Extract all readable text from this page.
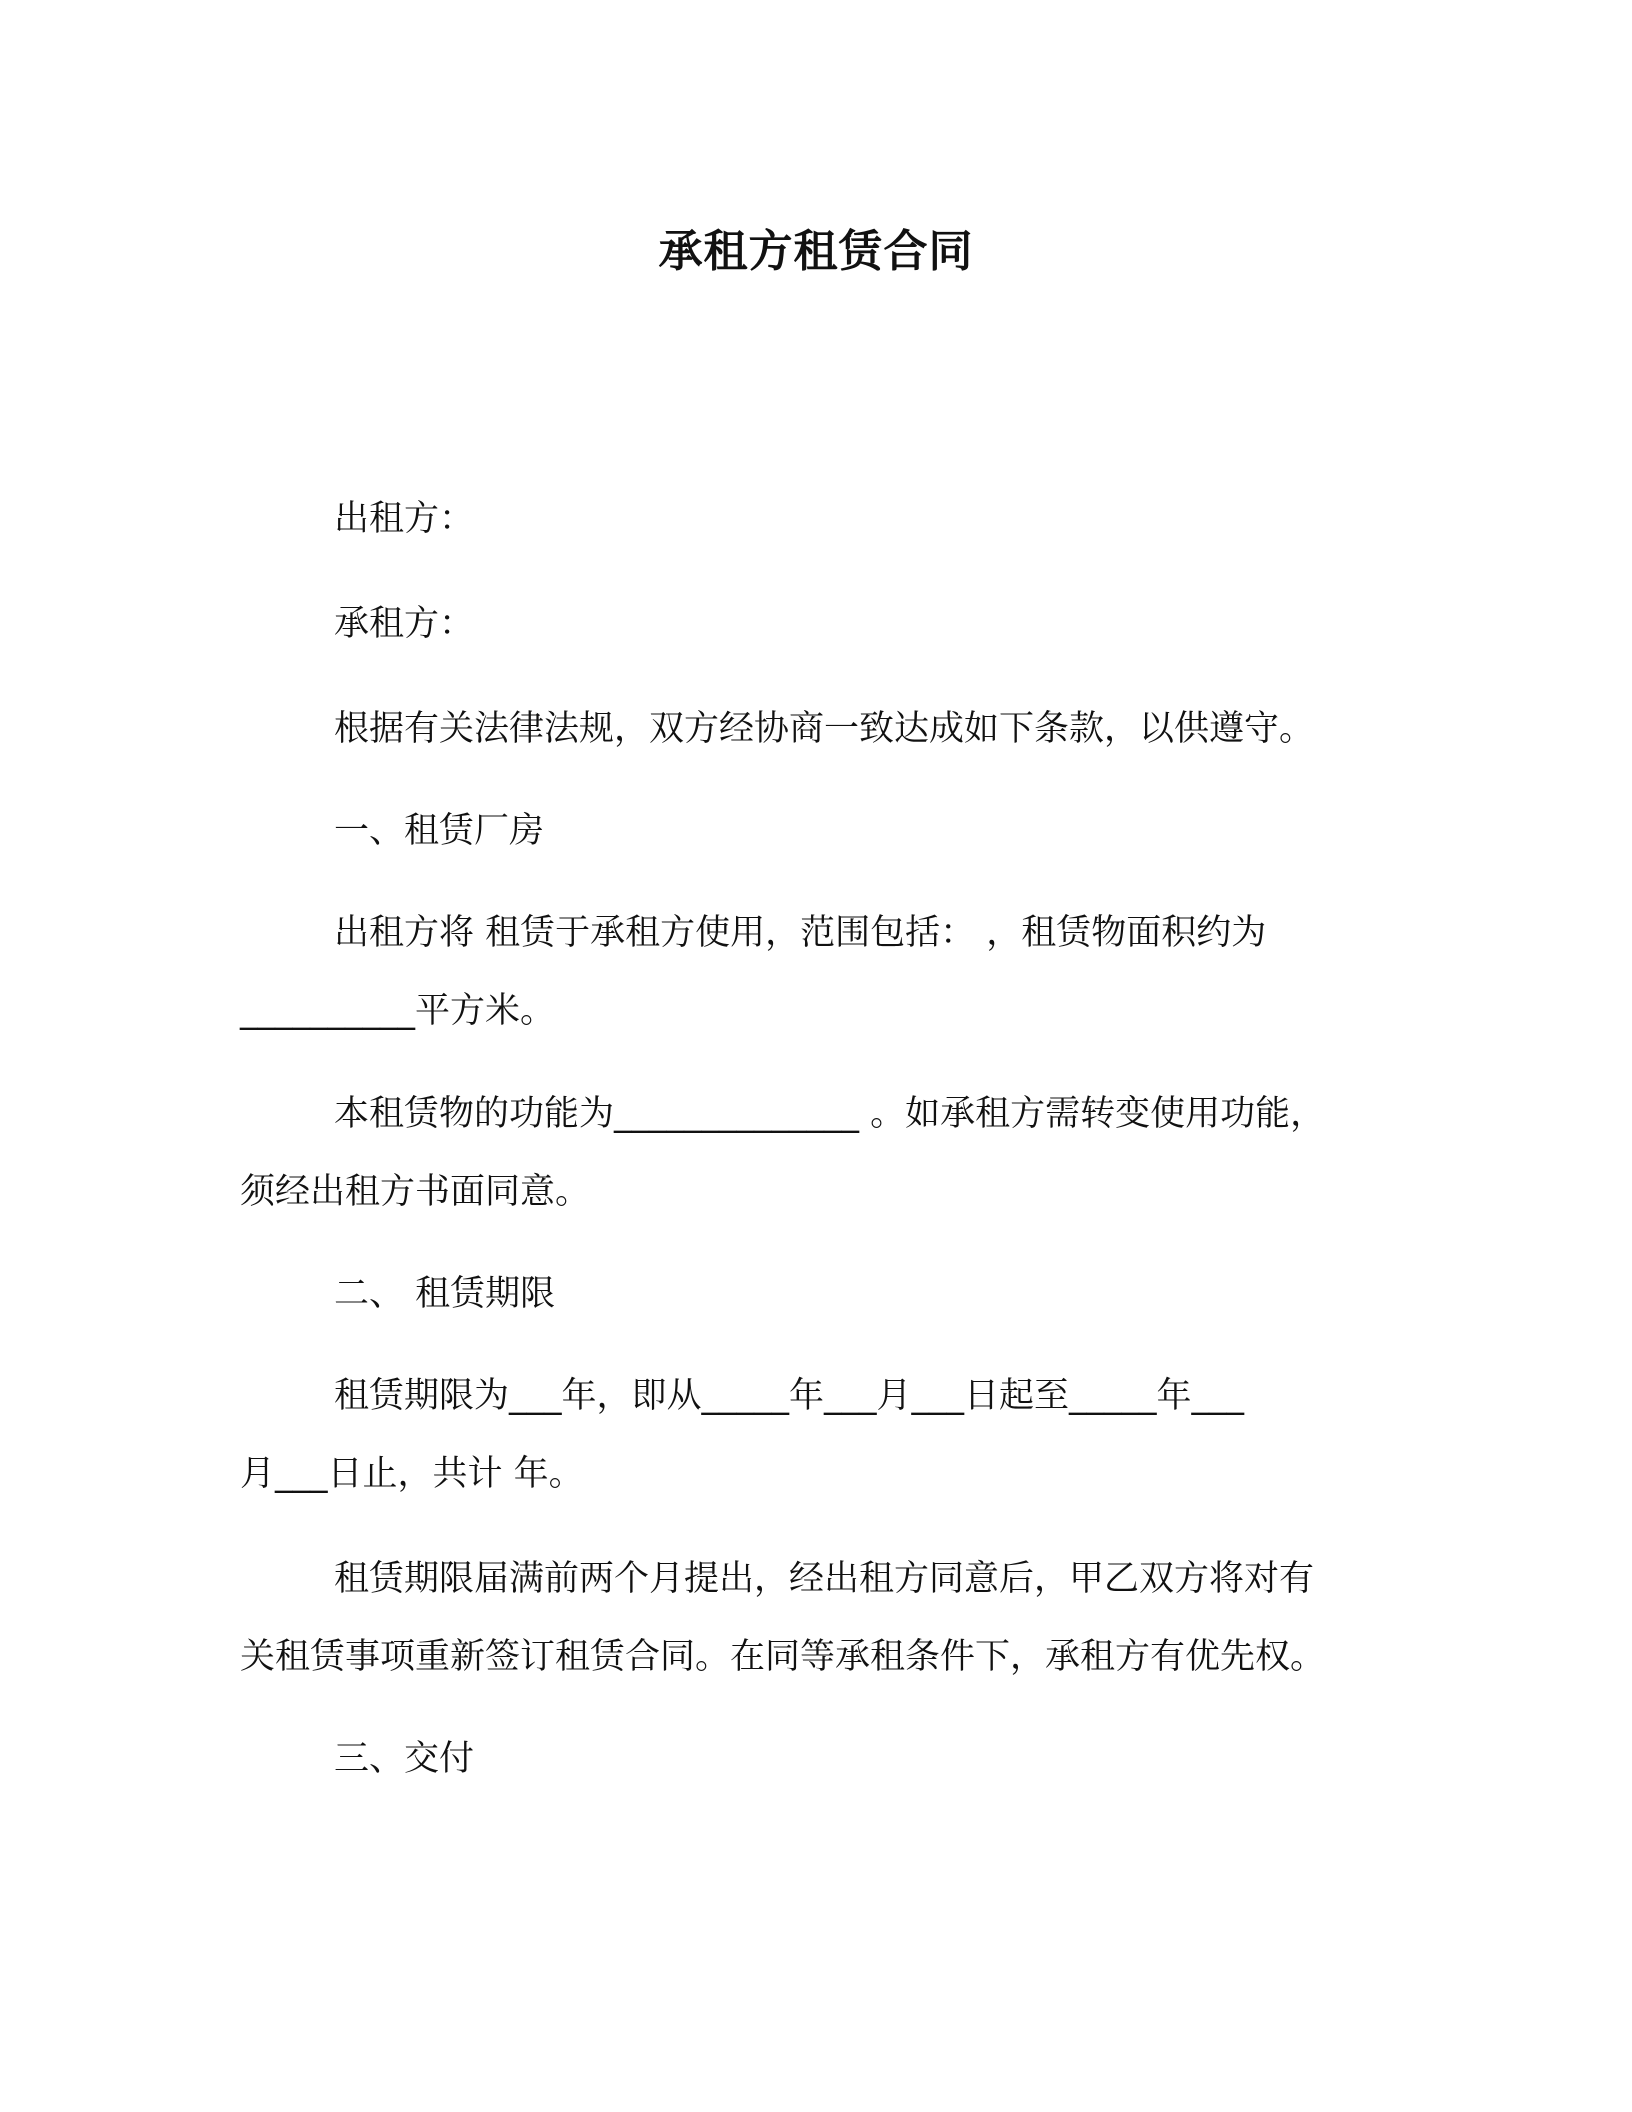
承租方租赁合同

出租方：

承租方：

根据有关法律法规，双方经协商一致达成如下条款，以供遵守。

一、租赁厂房

出租方将 租赁于承租方使用，范围包括： ，租赁物面积约为
__________平方米。
本租赁物的功能为______________ 。如承租方需转变使用功能，
须经出租方书面同意。

二、 租赁期限

租赁期限为___年，即从_____年___月___日起至_____年___
月___日止，共计 年。
租赁期限届满前两个月提出，经出租方同意后，甲乙双方将对有
关租赁事项重新签订租赁合同。在同等承租条件下，承租方有优先权。

三、交付
